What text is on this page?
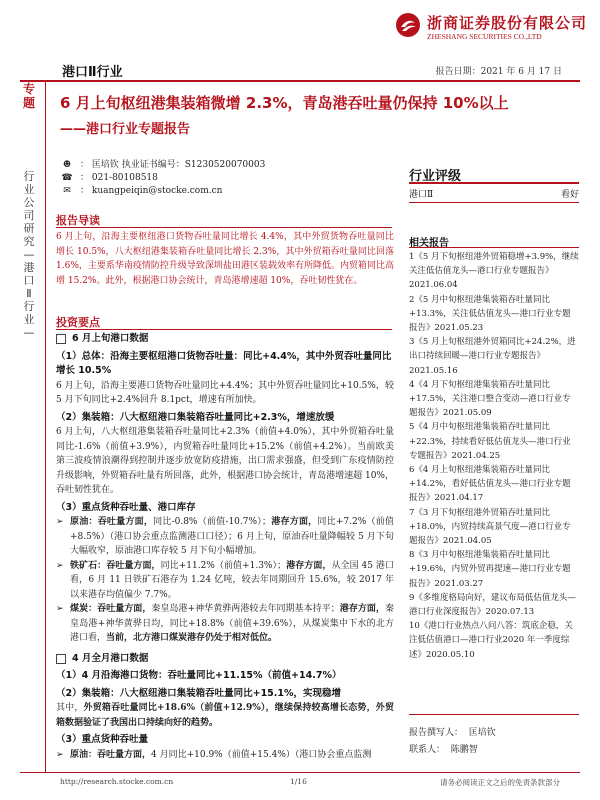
浙商证券股份有限公司
ZHESHANG SECURITIES CO.,LTD
港口Ⅱ行业	报告日期：2021 年 6 月 17 日
专题
行业公司研究—港口Ⅱ行业—
6 月上旬枢纽港集装箱微增 2.3%，青岛港吞吐量仍保持 10%以上
——港口行业专题报告
☻ ： 匡培钦 执业证书编号：S1230520070003
☎ ： 021-80108518
✉	： kuangpeiqin@stocke.com.cn
报告导读

6 月上旬，沿海主要枢纽港口货物吞吐量同比增长 4.4%，其中外贸货物吞吐量同比增长 10.5%，八大枢纽港集装箱吞吐量同比增长 2.3%，其中外贸箱吞吐量同比回落 1.6%，主要系华南疫情防控升级导致深圳盐田港区装载效率有所降低。内贸箱同比高增 15.2%。此外，根据港口协会统计，青岛港增速超 10%，吞吐韧性犹在。

投资要点
6 月上旬港口数据
（1）总体：沿海主要枢纽港口货物吞吐量：同比+4.4%，其中外贸吞吐量同比增长 10.5%

6 月上旬，沿海主要港口货物吞吐量同比+4.4%；其中外贸吞吐量同比+10.5%，较 5 月下旬同比+2.4%回升 8.1pct，增速有所加快。

（2）集装箱：八大枢纽港口集装箱吞吐量同比+2.3%，增速放缓

6 月上旬，八大枢纽港集装箱吞吐量同比+2.3%（前值+4.0%），其中外贸箱吞吐量同比-1.6%（前值+3.9%），内贸箱吞吐量同比+15.2%（前值+4.2%）。当前欧美第三波疫情浪潮得到控制并逐步放宽防疫措施，出口需求强盛，但受到广东疫情防控升级影响，外贸箱吞吐量有所回落，此外，根据港口协会统计，青岛港增速超 10%，吞吐韧性犹在。

（3）重点货种吞吐量、港口库存
➢ 原油：吞吐量方面，同比-0.8%（前值-10.7%）；港存方面，同比+7.2%（前值+8.5%）（港口协会重点监测港口口径）；6 月上旬，原油吞吐量降幅较 5 月下旬大幅收窄，原油港口库存较 5 月下旬小幅增加。

➢ 铁矿石：吞吐量方面，同比+11.2%（前值+1.3%）；港存方面，从全国 45 港口看，6 月 11 日铁矿石港存为 1.24 亿吨，较去年同期回升 15.6%，较 2017 年以来港存均值偏少 7.7%。

➢ 煤炭：吞吐量方面，秦皇岛港+神华黄骅两港较去年同期基本持平；港存方面，秦皇岛港+神华黄骅日均，同比+18.8%（前值+39.6%），从煤炭集中下水的北方港口看，当前，北方港口煤炭港存仍处于相对低位。

4 月全月港口数据
（1）4 月沿海港口货物：吞吐量同比+11.15%（前值+14.7%）
（2）集装箱：八大枢纽港口集装箱吞吐量同比+15.1%，实现稳增

其中，外贸箱吞吐量同比+18.6%（前值+12.9%），继续保持较高增长态势，外贸箱数据验证了我国出口持续向好的趋势。

（3）重点货种吞吐量
➢ 原油：吞吐量方面，4 月同比+10.9%（前值+15.4%）（港口协会重点监测

行业评级
港口Ⅱ	看好
相关报告
1《5 月下旬枢纽港外贸箱稳增+3.9%，继续关注低估值龙头—港口行业专题报告》2021.06.04
2《5 月中旬枢纽港集装箱吞吐量同比+13.3%，关注低估值龙头—港口行业专题报告》2021.05.23
3《5 月上旬枢纽港外贸箱同比+24.2%，进出口持续回暖—港口行业专题报告》2021.05.16
4《4 月下旬枢纽港集装箱吞吐量同比+17.5%，关注港口整合变动—港口行业专题报告》2021.05.09
5《4 月中旬枢纽港集装箱吞吐量同比+22.3%，持续看好低估值龙头—港口行业专题报告》2021.04.25
6《4 月上旬枢纽港集装箱吞吐量同比+14.2%，看好低估值龙头—港口行业专题报告》2021.04.17
7《3 月下旬枢纽港外贸箱吞吐量同比+18.0%，内贸持续高景气度—港口行业专题报告》2021.04.05
8《3 月中旬枢纽港集装箱吞吐量同比+19.6%，内贸外贸再提速—港口行业专题报告》2021.03.27
9《多维度格局向好，建议布局低估值龙头—港口行业深度报告》2020.07.13
10《港口行业热点八问八答：筑底企稳，关注低估值港口—港口行业2020 年一季度综述》2020.05.10
报告撰写人： 匡培钦
联系人： 陈鹏智
http://research.stocke.com.cn	1/16	请务必阅读正文之后的免责条款部分
